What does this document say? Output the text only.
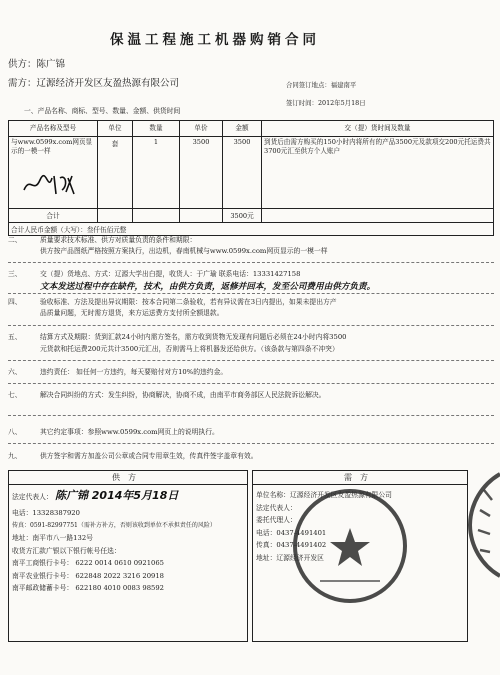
保温工程施工机器购销合同
供方：陈广锦
需方：辽源经济开发区友盈热源有限公司	合同签订地点：福建南平
签订时间：2012年5月18日
一、产品名称、商标、型号、数量、金额、供货时间
产品名称及型号	单位	数量	单价	金额	交（提）货时间及数量
与www.0599x.com网页显示的一模一样	套	1	3500	3500	到货后由需方购买的150小时内将所有的产品3500元及款项交200元托运费共3700元汇至供方个人账户
合计				3500元	
合计人民币金额（大写）：叁仟伍佰元整					
二、	质量要求技术标准、供方对质量负责的条件和期限：
供方按产品图纸严格按照方案执行，出边机，春南机械与www.0599x.com网页显示的一模一样
三、	交（提）货地点、方式：辽源大学出白提，收货人：于广瑜 联系电话：13331427158
文本发送过程中存在缺件，技术，由供方负责，返修并回本，发至公司费用由供方负责。
四、	验收标准、方法及提出异议期限：按本合同第二条验收，若有异议需在3日内提出，如果未提出方产
品质量问题，无时需方退货，来方运送费方支付所全额退款。
五、	结算方式及期限：货到汇款24小时内需方签名，需方收到货物无发现有问题后必须在24小时内将3500
元货款和托运费200元共计3500元汇出，否则需马上将机器发还给供方。（该条款与第四条不冲突）
六、	违约责任： 如任何一方违约，每天要赔付对方10%的违约金。
七、	解决合同纠纷的方式：发生纠纷，协商解决，协商不成，由南平市商务部区人民法院诉讼解决。
八、	其它约定事项：参照www.0599x.com网页上的说明执行。
九、	供方签字和需方加盖公司公章或合同专用章生效，传真件签字盖章有效。
供方
法定代表人： 陈广锦 2014年5月18日
电话：13328387920
传真：0591-82997751（需补方补方，否则该收到单位不承担责任的风险）
地址：南平市八一路132号
收货方汇款广银以下银行帐号任选：
南平工商银行卡号： 6222 0014 0610 0921065
南平农业银行卡号： 622848 2022 3216 20918
南平邮政储蓄卡号： 622180 4010 0083 98592
需方
单位名称：辽源经济开发区友盈热源有限公司
法定代表人：
委托代理人：
电话：0437-4491401
传真：0437-4491402
地址：辽源经济开发区
